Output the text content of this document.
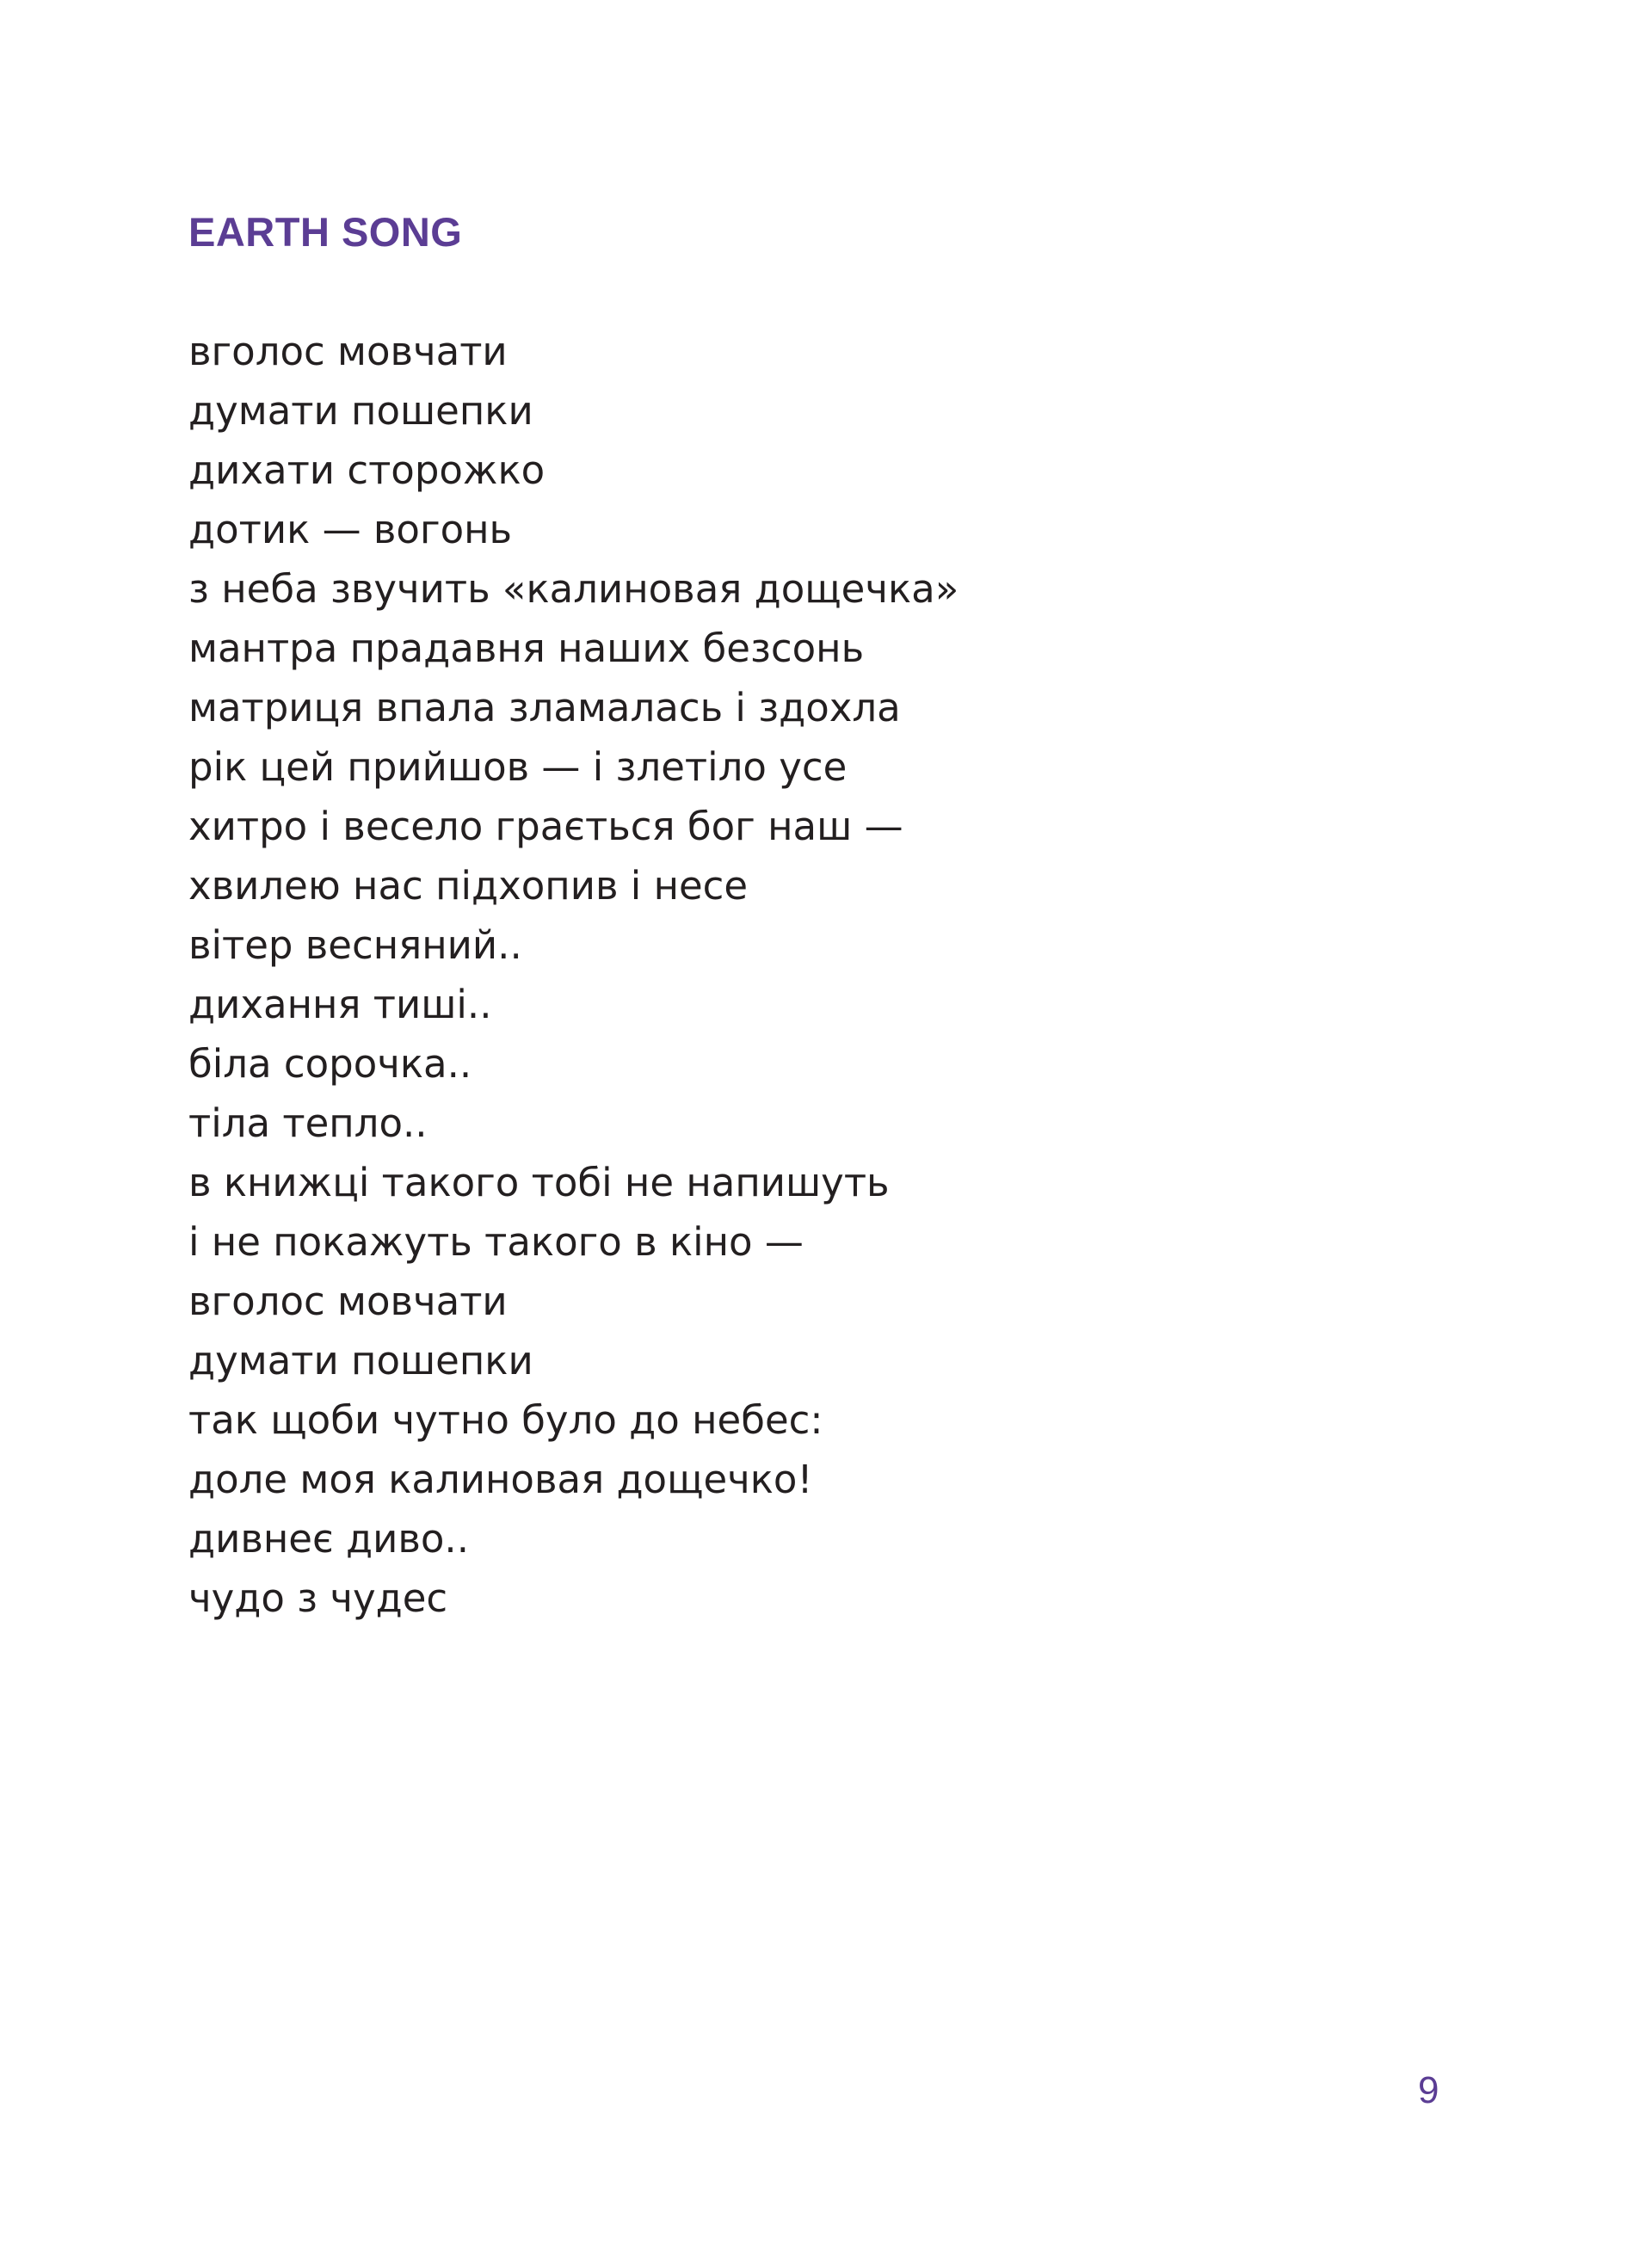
EARTH SONG
вголос мовчати
думати пошепки
дихати сторожко
дотик — вогонь
з неба звучить «калиновая дощечка»
мантра прадавня наших безсонь
матриця впала зламалась і здохла
рік цей прийшов — і злетіло усе
хитро і весело грається бог наш —
хвилею нас підхопив і несе
вітер весняний..
дихання тиші..
біла сорочка..
тіла тепло..
в книжці такого тобі не напишуть
і не покажуть такого в кіно —
вголос мовчати
думати пошепки
так щоби чутно було до небес:
доле моя калиновая дощечко!
дивнеє диво..
чудо з чудес
9
